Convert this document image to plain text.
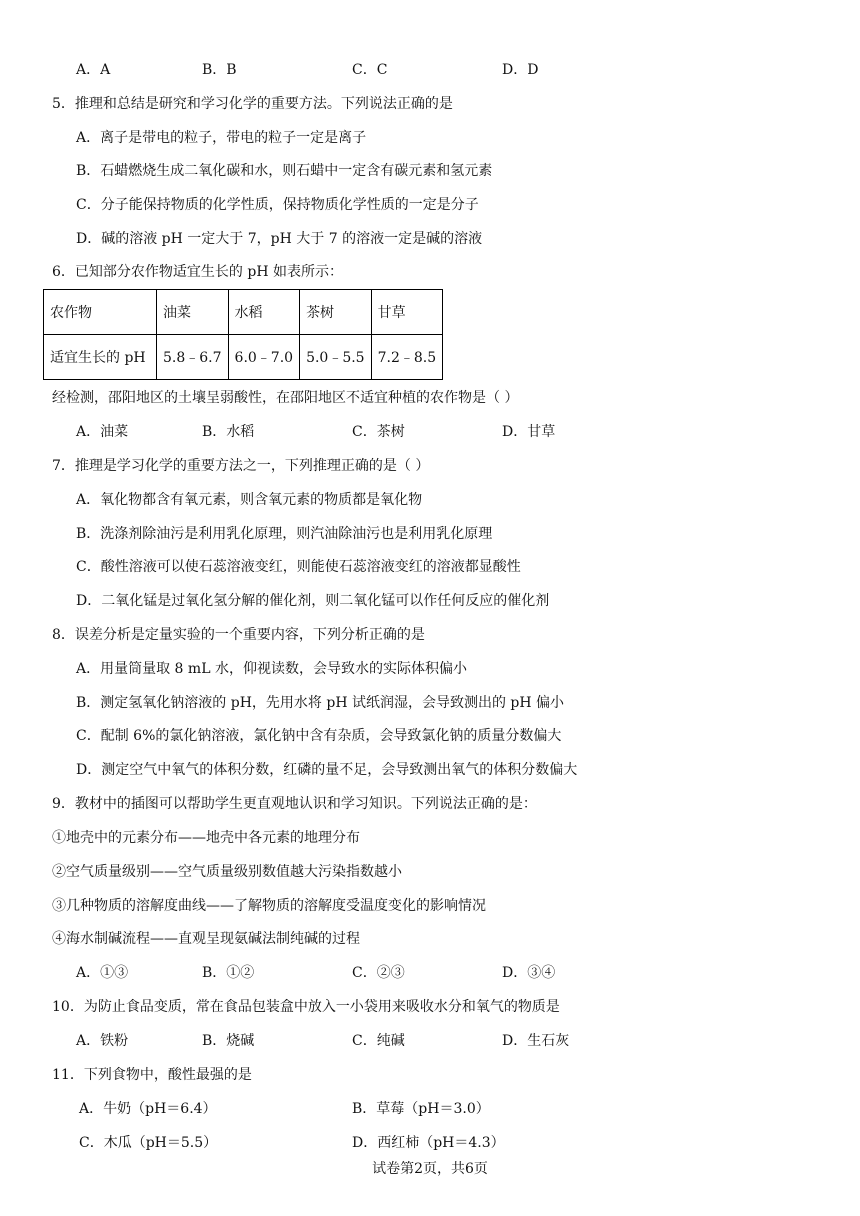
A．A	B．B	C．C	D．D
5．推理和总结是研究和学习化学的重要方法。下列说法正确的是
A．离子是带电的粒子，带电的粒子一定是离子
B．石蜡燃烧生成二氧化碳和水，则石蜡中一定含有碳元素和氢元素
C．分子能保持物质的化学性质，保持物质化学性质的一定是分子
D．碱的溶液 pH 一定大于 7，pH 大于 7 的溶液一定是碱的溶液
6．已知部分农作物适宜生长的 pH 如表所示：
农作物	油菜	水稻	茶树	甘草
适宜生长的 pH	5.8﹣6.7	6.0﹣7.0	5.0﹣5.5	7.2﹣8.5
经检测，邵阳地区的土壤呈弱酸性，在邵阳地区不适宜种植的农作物是（ ）
A．油菜	B．水稻	C．茶树	D．甘草
7．推理是学习化学的重要方法之一，下列推理正确的是（ ）
A．氧化物都含有氧元素，则含氧元素的物质都是氧化物
B．洗涤剂除油污是利用乳化原理，则汽油除油污也是利用乳化原理
C．酸性溶液可以使石蕊溶液变红，则能使石蕊溶液变红的溶液都显酸性
D．二氧化锰是过氧化氢分解的催化剂，则二氧化锰可以作任何反应的催化剂
8．误差分析是定量实验的一个重要内容，下列分析正确的是
A．用量筒量取 8 mL 水，仰视读数，会导致水的实际体积偏小
B．测定氢氧化钠溶液的 pH，先用水将 pH 试纸润湿，会导致测出的 pH 偏小
C．配制 6%的氯化钠溶液，氯化钠中含有杂质，会导致氯化钠的质量分数偏大
D．测定空气中氧气的体积分数，红磷的量不足，会导致测出氧气的体积分数偏大
9．教材中的插图可以帮助学生更直观地认识和学习知识。下列说法正确的是：
①地壳中的元素分布——地壳中各元素的地理分布
②空气质量级别——空气质量级别数值越大污染指数越小
③几种物质的溶解度曲线——了解物质的溶解度受温度变化的影响情况
④海水制碱流程——直观呈现氨碱法制纯碱的过程
A．①③	B．①②	C．②③	D．③④
10．为防止食品变质，常在食品包装盒中放入一小袋用来吸收水分和氧气的物质是
A．铁粉	B．烧碱	C．纯碱	D．生石灰
11．下列食物中，酸性最强的是
A．牛奶（pH＝6.4）	B．草莓（pH＝3.0）
C．木瓜（pH＝5.5）	D．西红柿（pH＝4.3）
试卷第2页，共6页
